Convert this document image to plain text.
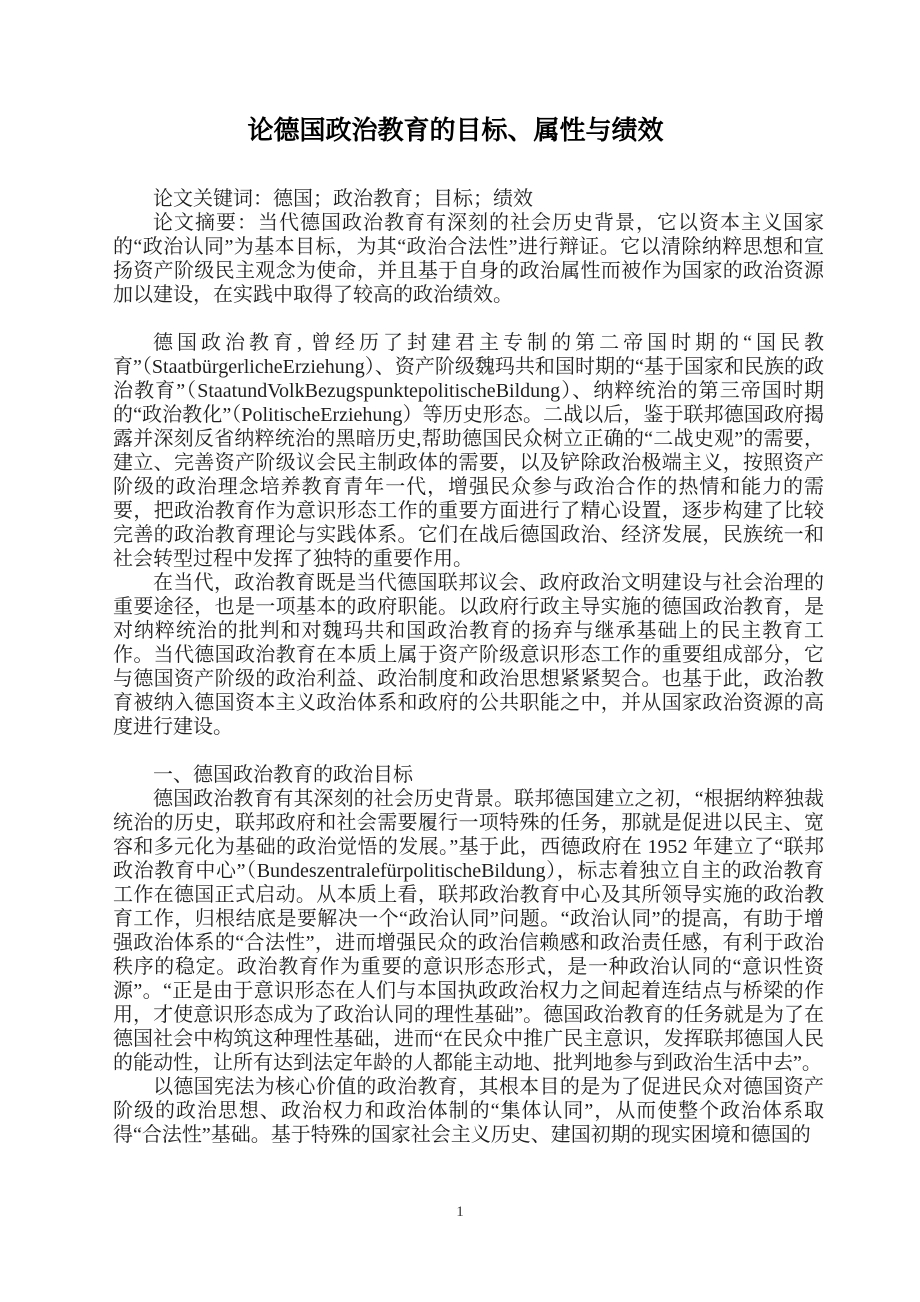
论德国政治教育的目标、属性与绩效

论文关键词：德国；政治教育；目标；绩效

论文摘要：当代德国政治教育有深刻的社会历史背景，它以资本主义国家的“政治认同”为基本目标，为其“政治合法性”进行辩证。它以清除纳粹思想和宣扬资产阶级民主观念为使命，并且基于自身的政治属性而被作为国家的政治资源加以建设，在实践中取得了较高的政治绩效。

德国政治教育, 曾经历了封建君主专制的第二帝国时期的“国民教育”（StaatbürgerlicheErziehung）、资产阶级魏玛共和国时期的“基于国家和民族的政治教育”（StaatundVolkBezugspunktepolitischeBildung）、纳粹统治的第三帝国时期的“政治教化”（PolitischeErziehung）等历史形态。二战以后，鉴于联邦德国政府揭露并深刻反省纳粹统治的黑暗历史,帮助德国民众树立正确的“二战史观”的需要，建立、完善资产阶级议会民主制政体的需要，以及铲除政治极端主义，按照资产阶级的政治理念培养教育青年一代，增强民众参与政治合作的热情和能力的需要，把政治教育作为意识形态工作的重要方面进行了精心设置，逐步构建了比较完善的政治教育理论与实践体系。它们在战后德国政治、经济发展，民族统一和社会转型过程中发挥了独特的重要作用。

在当代，政治教育既是当代德国联邦议会、政府政治文明建设与社会治理的重要途径，也是一项基本的政府职能。以政府行政主导实施的德国政治教育，是对纳粹统治的批判和对魏玛共和国政治教育的扬弃与继承基础上的民主教育工作。当代德国政治教育在本质上属于资产阶级意识形态工作的重要组成部分，它与德国资产阶级的政治利益、政治制度和政治思想紧紧契合。也基于此，政治教育被纳入德国资本主义政治体系和政府的公共职能之中，并从国家政治资源的高度进行建设。

一、德国政治教育的政治目标

德国政治教育有其深刻的社会历史背景。联邦德国建立之初，“根据纳粹独裁统治的历史，联邦政府和社会需要履行一项特殊的任务，那就是促进以民主、宽容和多元化为基础的政治觉悟的发展。”基于此，西德政府在 1952 年建立了“联邦政治教育中心”（BundeszentralefürpolitischeBildung），标志着独立自主的政治教育工作在德国正式启动。从本质上看，联邦政治教育中心及其所领导实施的政治教育工作，归根结底是要解决一个“政治认同”问题。“政治认同”的提高，有助于增强政治体系的“合法性”，进而增强民众的政治信赖感和政治责任感，有利于政治秩序的稳定。政治教育作为重要的意识形态形式，是一种政治认同的“意识性资源”。“正是由于意识形态在人们与本国执政政治权力之间起着连结点与桥梁的作用，才使意识形态成为了政治认同的理性基础”。德国政治教育的任务就是为了在德国社会中构筑这种理性基础，进而“在民众中推广民主意识，发挥联邦德国人民的能动性，让所有达到法定年龄的人都能主动地、批判地参与到政治生活中去”。

以德国宪法为核心价值的政治教育，其根本目的是为了促进民众对德国资产阶级的政治思想、政治权力和政治体制的“集体认同”，从而使整个政治体系取得“合法性”基础。基于特殊的国家社会主义历史、建国初期的现实困境和德国的

1
